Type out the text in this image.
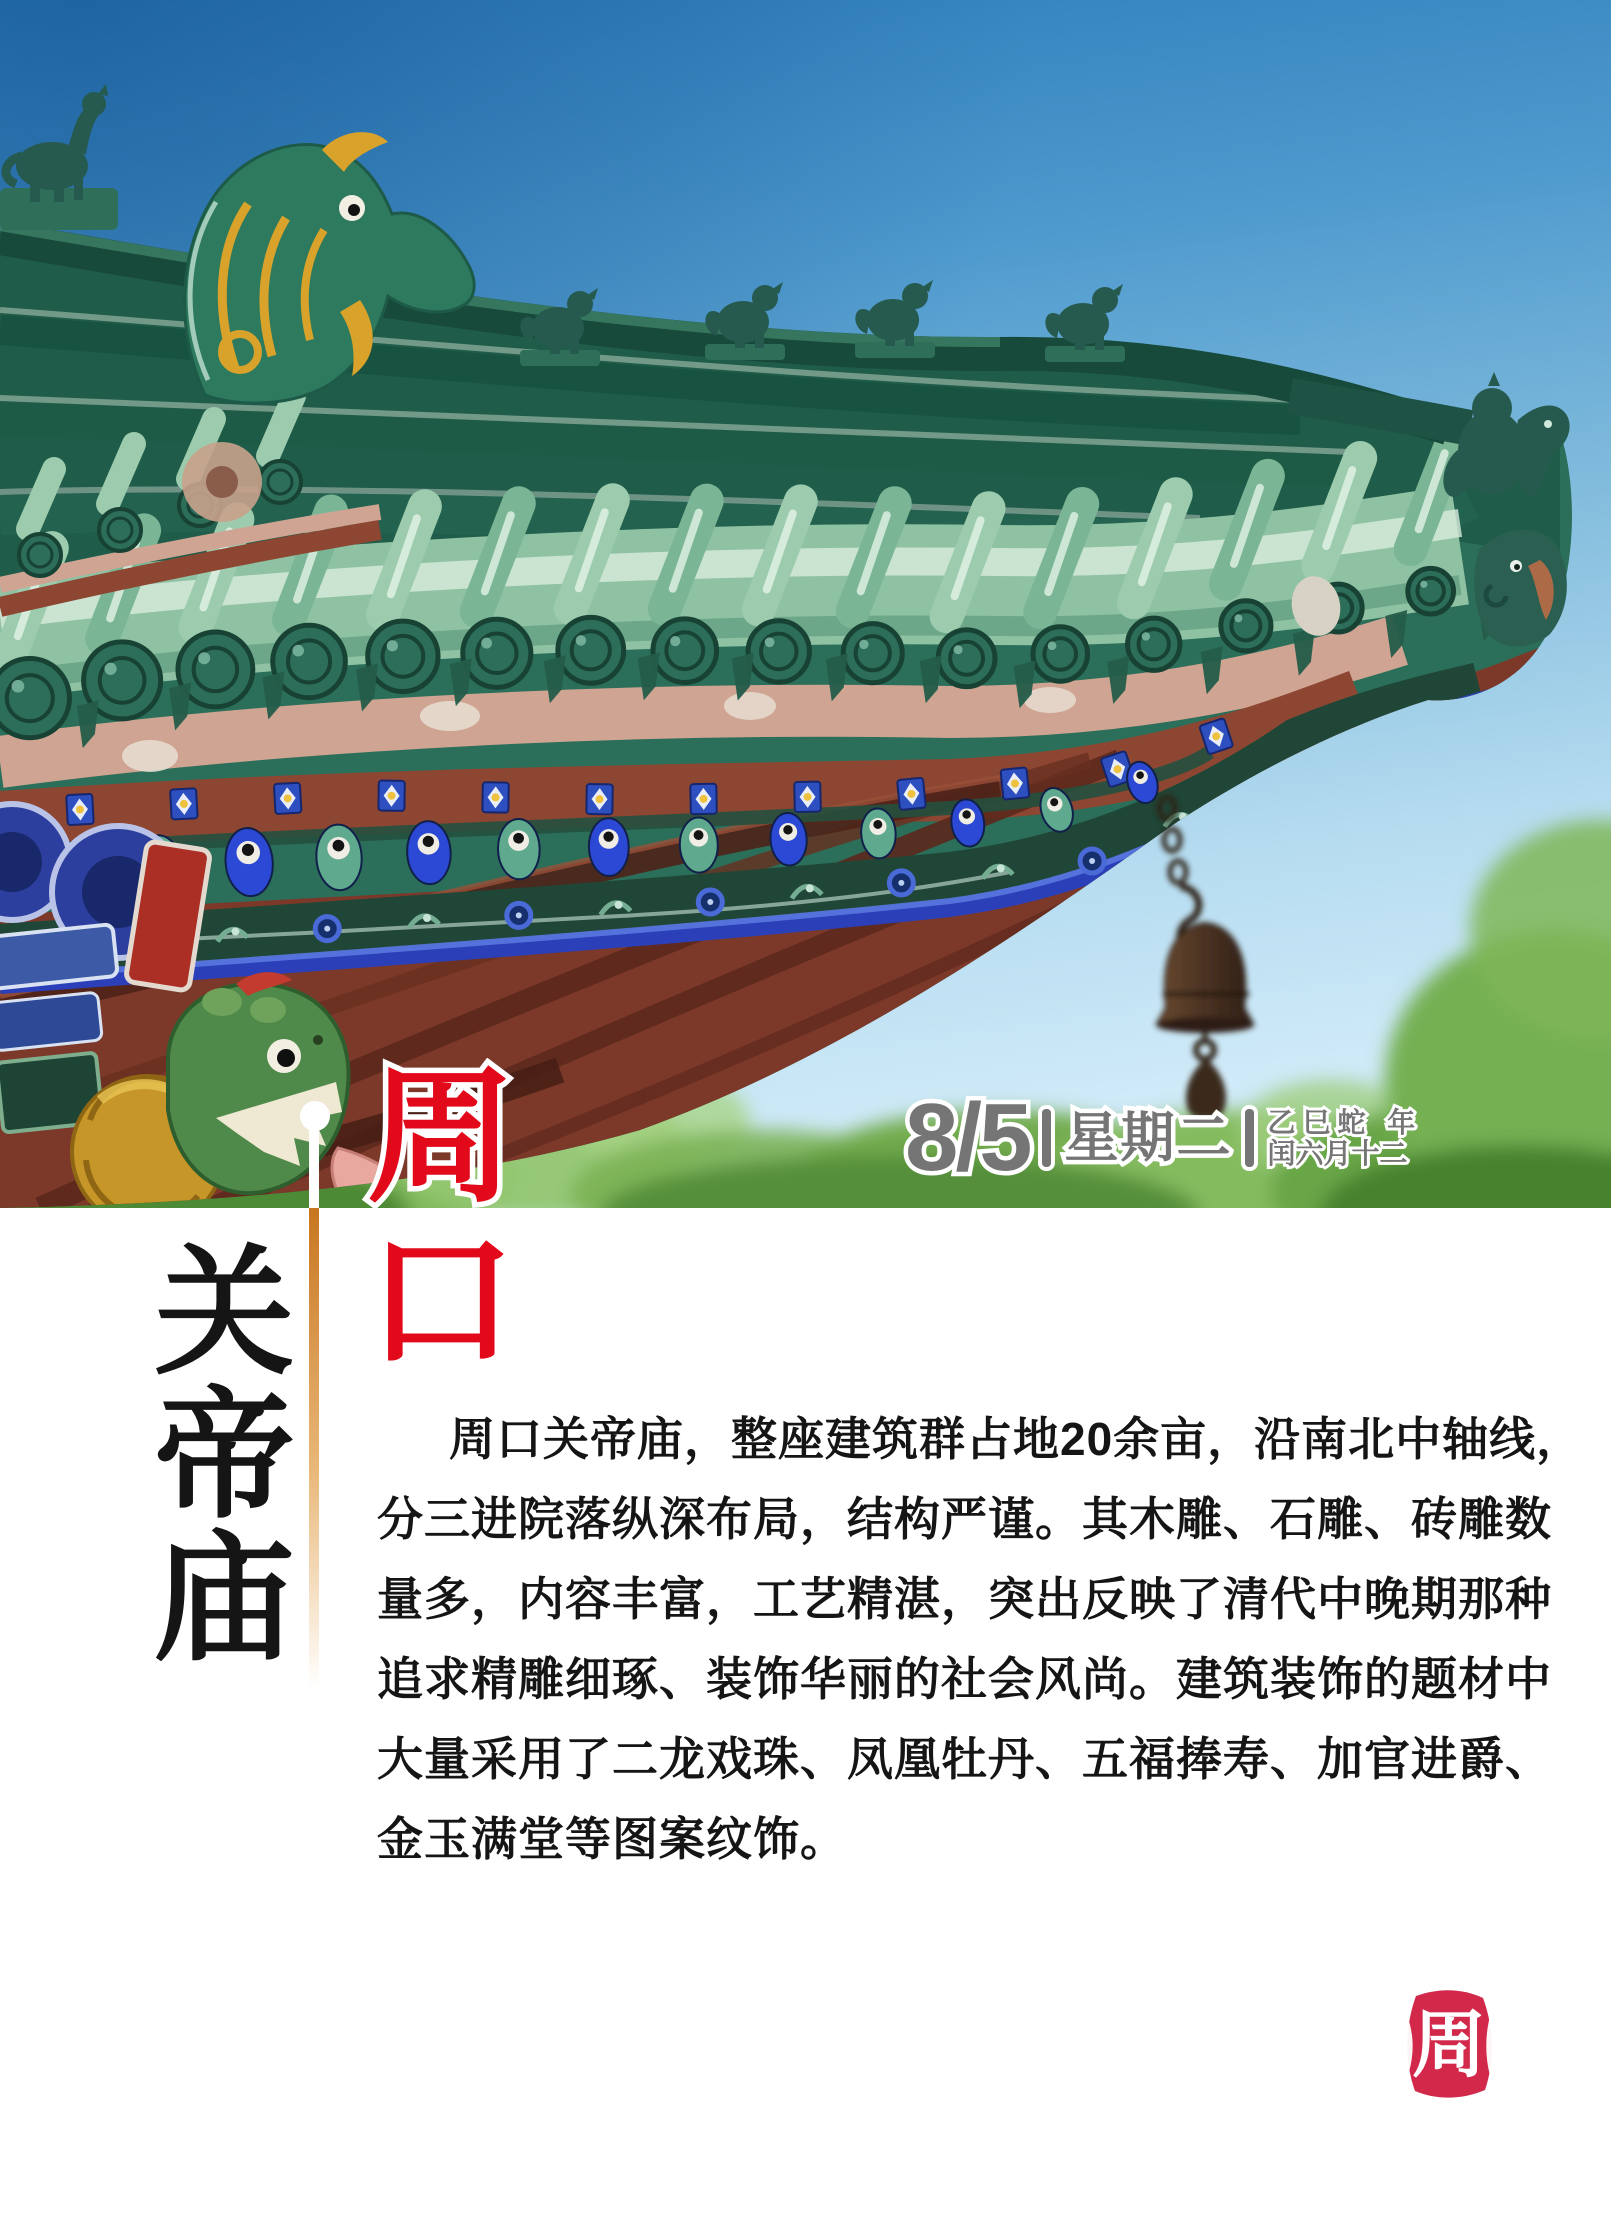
8/5 8/5 星期二 星期二 乙巳蛇 年 乙巳蛇 年
闰六月十二 闰六月十二
周口 周口
关帝庙	周口关帝庙，整座建筑群占地20余亩，沿南北中轴线，
分三进院落纵深布局，结构严谨。其木雕、石雕、砖雕数
量多，内容丰富，工艺精湛，突出反映了清代中晚期那种
追求精雕细琢、装饰华丽的社会风尚。建筑装饰的题材中
大量采用了二龙戏珠、凤凰牡丹、五福捧寿、加官进爵、
金玉满堂等图案纹饰。
周
